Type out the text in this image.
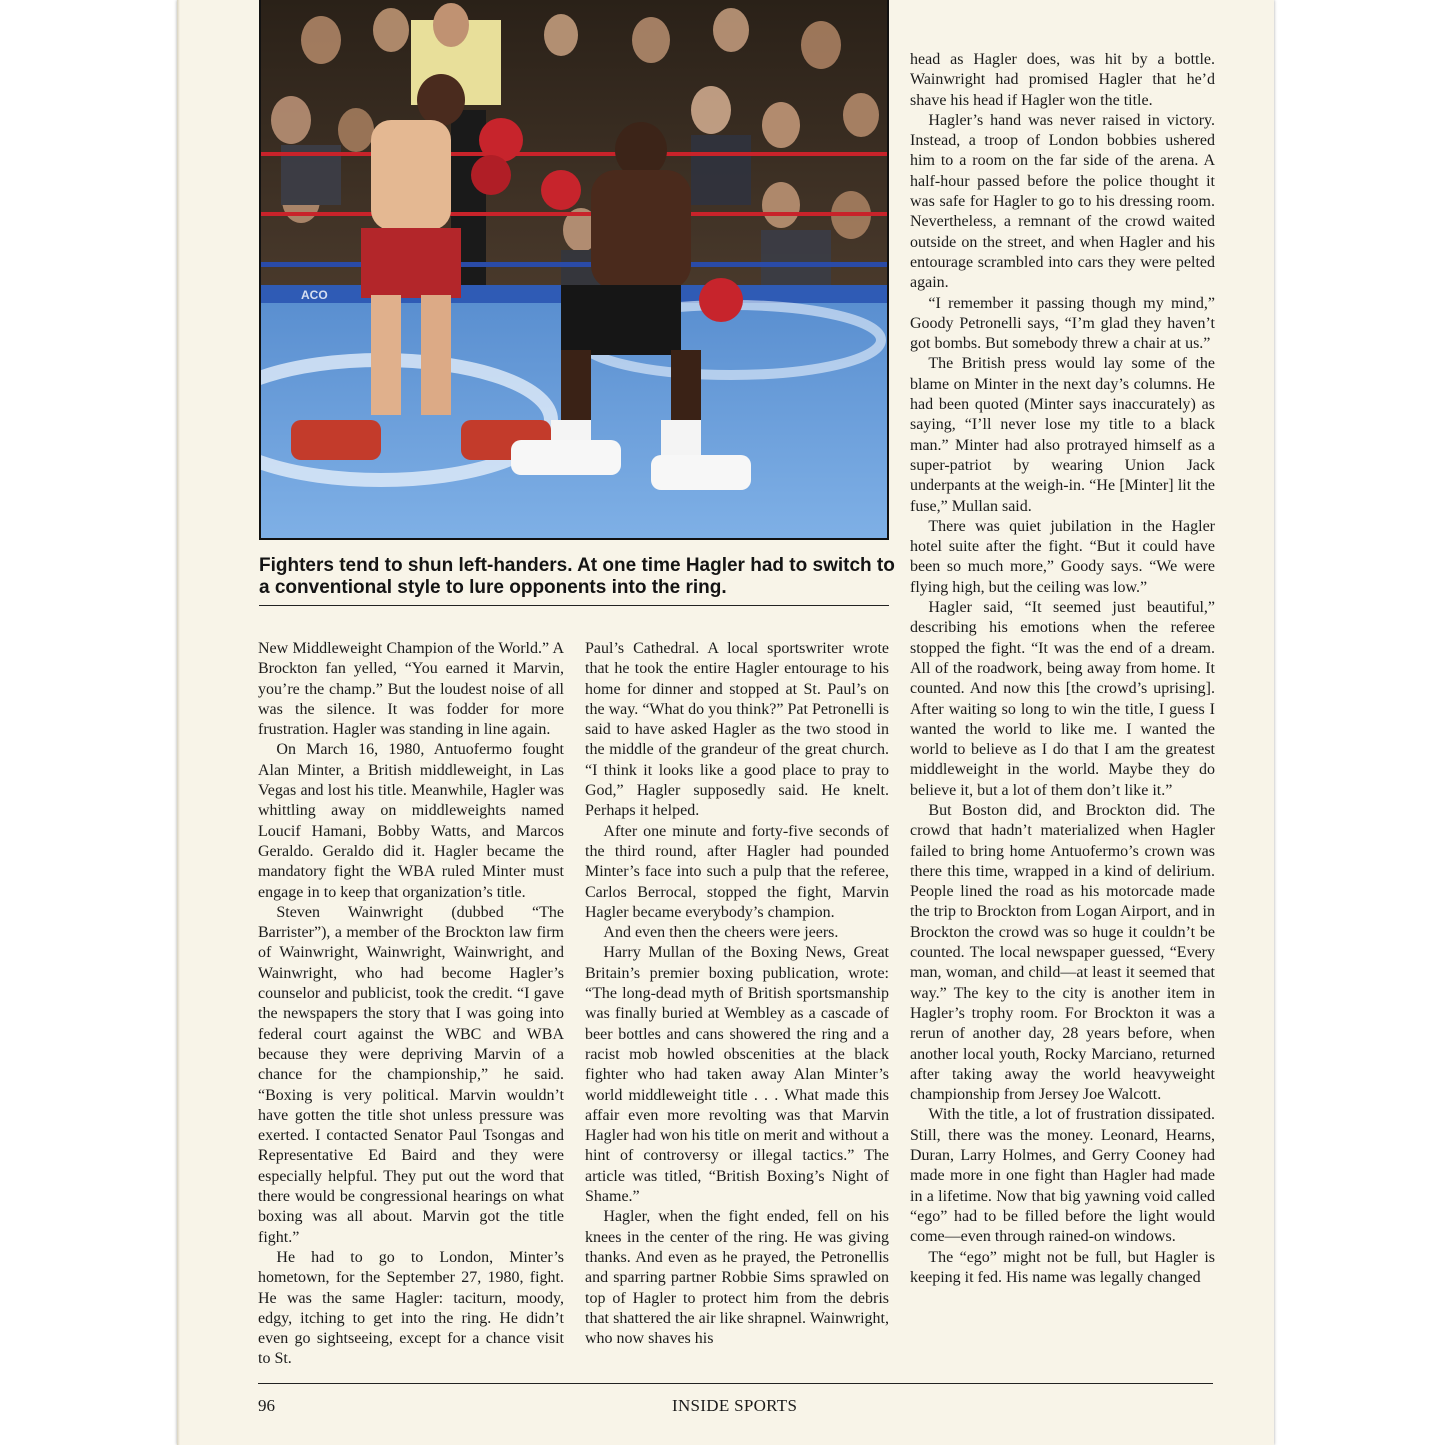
ACO

Fighters tend to shun left-handers. At one time Hagler had to switch to a conventional style to lure opponents into the ring.

New Middleweight Champion of the World.” A Brockton fan yelled, “You earned it Marvin, you’re the champ.” But the loudest noise of all was the silence. It was fodder for more frustration. Hagler was standing in line again.

On March 16, 1980, Antuofermo fought Alan Minter, a British middleweight, in Las Vegas and lost his title. Meanwhile, Hagler was whittling away on middleweights named Loucif Hamani, Bobby Watts, and Marcos Geraldo. Geraldo did it. Hagler became the mandatory fight the WBA ruled Minter must engage in to keep that organization’s title.

Steven Wainwright (dubbed “The Barrister”), a member of the Brockton law firm of Wainwright, Wainwright, Wainwright, and Wainwright, who had become Hagler’s counselor and publicist, took the credit. “I gave the newspapers the story that I was going into federal court against the WBC and WBA because they were depriving Marvin of a chance for the championship,” he said. “Boxing is very political. Marvin wouldn’t have gotten the title shot unless pressure was exerted. I contacted Senator Paul Tsongas and Representative Ed Baird and they were especially helpful. They put out the word that there would be congressional hearings on what boxing was all about. Marvin got the title fight.”

He had to go to London, Minter’s hometown, for the September 27, 1980, fight. He was the same Hagler: taciturn, moody, edgy, itching to get into the ring. He didn’t even go sightseeing, except for a chance visit to St.

Paul’s Cathedral. A local sportswriter wrote that he took the entire Hagler entourage to his home for dinner and stopped at St. Paul’s on the way. “What do you think?” Pat Petronelli is said to have asked Hagler as the two stood in the middle of the grandeur of the great church. “I think it looks like a good place to pray to God,” Hagler supposedly said. He knelt. Perhaps it helped.

After one minute and forty-five seconds of the third round, after Hagler had pounded Minter’s face into such a pulp that the referee, Carlos Berrocal, stopped the fight, Marvin Hagler became everybody’s champion.

And even then the cheers were jeers.

Harry Mullan of the Boxing News, Great Britain’s premier boxing publication, wrote: “The long-dead myth of British sportsmanship was finally buried at Wembley as a cascade of beer bottles and cans showered the ring and a racist mob howled obscenities at the black fighter who had taken away Alan Minter’s world middleweight title . . . What made this affair even more revolting was that Marvin Hagler had won his title on merit and without a hint of controversy or illegal tactics.” The article was titled, “British Boxing’s Night of Shame.”

Hagler, when the fight ended, fell on his knees in the center of the ring. He was giving thanks. And even as he prayed, the Petronellis and sparring partner Robbie Sims sprawled on top of Hagler to protect him from the debris that shattered the air like shrapnel. Wainwright, who now shaves his

head as Hagler does, was hit by a bottle. Wainwright had promised Hagler that he’d shave his head if Hagler won the title.

Hagler’s hand was never raised in victory. Instead, a troop of London bobbies ushered him to a room on the far side of the arena. A half-hour passed before the police thought it was safe for Hagler to go to his dressing room. Nevertheless, a remnant of the crowd waited outside on the street, and when Hagler and his entourage scrambled into cars they were pelted again.

“I remember it passing though my mind,” Goody Petronelli says, “I’m glad they haven’t got bombs. But somebody threw a chair at us.”

The British press would lay some of the blame on Minter in the next day’s columns. He had been quoted (Minter says inaccurately) as saying, “I’ll never lose my title to a black man.” Minter had also protrayed himself as a super-patriot by wearing Union Jack underpants at the weigh-in. “He [Minter] lit the fuse,” Mullan said.

There was quiet jubilation in the Hagler hotel suite after the fight. “But it could have been so much more,” Goody says. “We were flying high, but the ceiling was low.”

Hagler said, “It seemed just beautiful,” describing his emotions when the referee stopped the fight. “It was the end of a dream. All of the roadwork, being away from home. It counted. And now this [the crowd’s uprising]. After waiting so long to win the title, I guess I wanted the world to like me. I wanted the world to believe as I do that I am the greatest middleweight in the world. Maybe they do believe it, but a lot of them don’t like it.”

But Boston did, and Brockton did. The crowd that hadn’t materialized when Hagler failed to bring home Antuofermo’s crown was there this time, wrapped in a kind of delirium. People lined the road as his motorcade made the trip to Brockton from Logan Airport, and in Brockton the crowd was so huge it couldn’t be counted. The local newspaper guessed, “Every man, woman, and child—at least it seemed that way.” The key to the city is another item in Hagler’s trophy room. For Brockton it was a rerun of another day, 28 years before, when another local youth, Rocky Marciano, returned after taking away the world heavyweight championship from Jersey Joe Walcott.

With the title, a lot of frustration dissipated. Still, there was the money. Leonard, Hearns, Duran, Larry Holmes, and Gerry Cooney had made more in one fight than Hagler had made in a lifetime. Now that big yawning void called “ego” had to be filled before the light would come—even through rained-on windows.

The “ego” might not be full, but Hagler is keeping it fed. His name was legally changed

96	INSIDE SPORTS
